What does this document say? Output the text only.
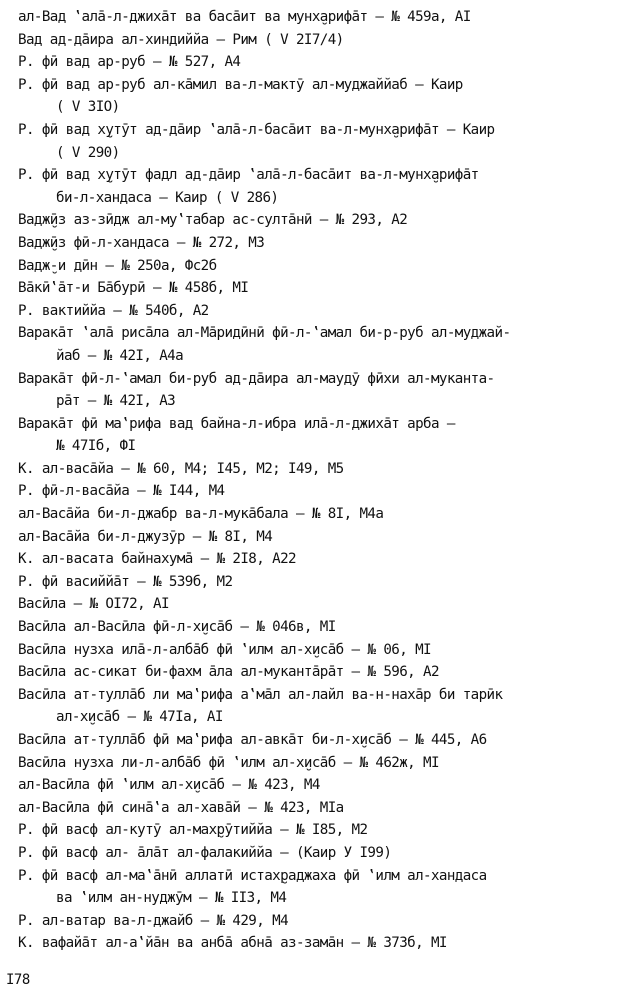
ал-Вад ‛ала̄-л-джиха̄т ва баса̄ит ва мунх̮арифа̄т – № 459а, АI
Вад ад-да̄ира ал-хиндиййа – Рим ( V 2I7/4)
Р. фӣ вад ар-руб – № 527, А4
Р. фӣ вад ар-руб ал-ка̄мил ва-л-мактӯ ал-муджаййаб – Каир
( V 3IO)
Р. фӣ вад х̮утӯт ад-да̄ир ‛ала̄-л-баса̄ит ва-л-мунх̮арифа̄т – Каир
( V 290)
Р. фӣ вад х̮утӯт фадл ад-да̄ир ‛ала̄-л-баса̄ит ва-л-мунх̮арифа̄т
би-л-хандаса – Каир ( V 286)
Вадж̮ӣз аз-зӣдж ал-му‛табар ас-султа̄нӣ – № 293, А2
Вадж̮ӣз фӣ-л-хандаса – № 272, М3
Вадж̮-и дӣн – № 250а, Фс2б
Ва̄кӣ‛а̄т-и Ба̄бурӣ – № 458б, МI
Р. вактиййа – № 540б, А2
Варака̄т ‛ала̄ риса̄ла ал-Ма̄ридӣнӣ фӣ-л-‛амал би-р-руб ал-муджай-
йаб – № 42I, А4а
Варака̄т фӣ-л-‛амал би-руб ад-да̄ира ал-маудӯ фӣхи ал-муканта-
ра̄т – № 42I, А3
Варака̄т фӣ ма‛рифа вад байна-л-ибра ила̄-л-джиха̄т арба –
№ 47Iб, ФI
К. ал-васа̄йа – № 60, М4; I45, М2; I49, М5
Р. фӣ-л-васа̄йа – № I44, М4
ал-Васа̄йа би-л-джабр ва-л-мука̄бала – № 8I, М4а
ал-Васа̄йа би-л-джузӯр – № 8I, М4
К. ал-васата байнахума̄ – № 2I8, А22
Р. фӣ васиййа̄т – № 539б, М2
Васӣла – № OI72, АI
Васӣла ал-Васӣла фӣ-л-х̮иса̄б – № 046в, МI
Васӣла нузха ила̄-л-алба̄б фӣ ‛илм ал-х̮иса̄б – № 06, МI
Васӣла ас-сикат би-фахм а̄ла ал-муканта̄ра̄т – № 596, А2
Васӣла ат-тулла̄б ли ма‛рифа а‛ма̄л ал-лайл ва-н-наха̄р би тарӣк
ал-х̮иса̄б – № 47Iа, АI
Васӣла ат-тулла̄б фӣ ма‛рифа ал-авка̄т би-л-х̮иса̄б – № 445, А6
Васӣла нузха ли-л-алба̄б фӣ ‛илм ал-х̮иса̄б – № 462ж, МI
ал-Васӣла фӣ ‛илм ал-х̮иса̄б – № 423, М4
ал-Васӣла фӣ сина̄‛а ал-хава̄й – № 423, МIа
Р. фӣ васф ал-кутӯ ал-мах̮рӯтиййа – № I85, М2
Р. фӣ васф ал- а̄ла̄т ал-фалакиййа – (Каир У I99)
Р. фӣ васф ал-ма‛а̄нӣ аллатӣ истах̮раджаха фӣ ‛илм ал-хандаса
ва ‛илм ан-нуджӯм – № II3, М4
Р. ал-ватар ва-л-джайб – № 429, М4
К. вафайа̄т ал-а‛йа̄н ва анба̄ абна̄ аз-зама̄н – № 373б, МI
I78
